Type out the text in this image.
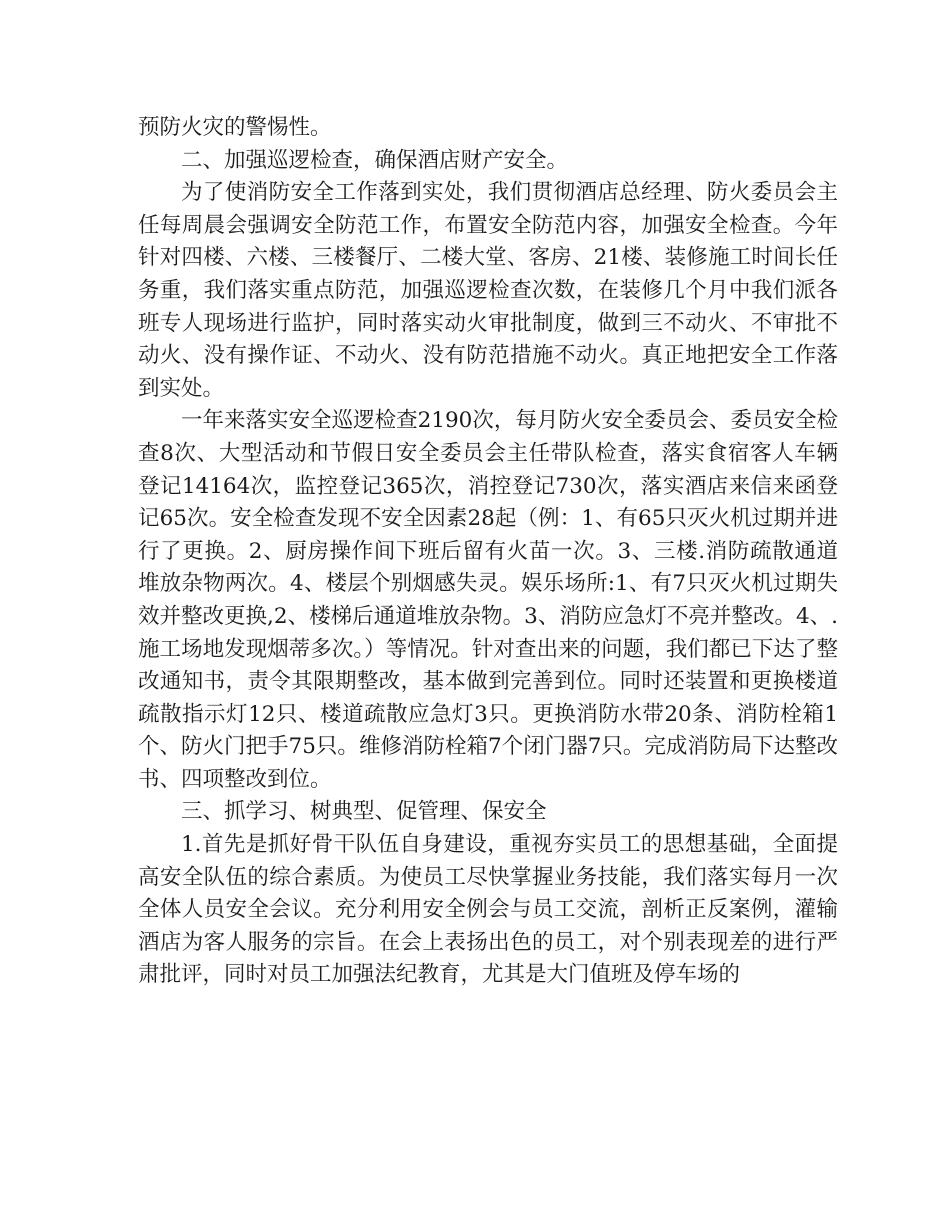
预防火灾的警惕性。

二、加强巡逻检查，确保酒店财产安全。

为了使消防安全工作落到实处，我们贯彻酒店总经理、防火委员会主任每周晨会强调安全防范工作，布置安全防范内容，加强安全检查。今年针对四楼、六楼、三楼餐厅、二楼大堂、客房、21楼、装修施工时间长任务重，我们落实重点防范，加强巡逻检查次数，在装修几个月中我们派各班专人现场进行监护，同时落实动火审批制度，做到三不动火、不审批不动火、没有操作证、不动火、没有防范措施不动火。真正地把安全工作落到实处。

一年来落实安全巡逻检查2190次，每月防火安全委员会、委员安全检查8次、大型活动和节假日安全委员会主任带队检查，落实食宿客人车辆登记14164次，监控登记365次，消控登记730次，落实酒店来信来函登记65次。安全检查发现不安全因素28起（例：1、有65只灭火机过期并进行了更换。2、厨房操作间下班后留有火苗一次。3、三楼.消防疏散通道堆放杂物两次。4、楼层个别烟感失灵。娱乐场所:1、有7只灭火机过期失效并整改更换,2、楼梯后通道堆放杂物。3、消防应急灯不亮并整改。4、.施工场地发现烟蒂多次。）等情况。针对查出来的问题，我们都已下达了整改通知书，责令其限期整改，基本做到完善到位。同时还装置和更换楼道疏散指示灯12只、楼道疏散应急灯3只。更换消防水带20条、消防栓箱1个、防火门把手75只。维修消防栓箱7个闭门器7只。完成消防局下达整改书、四项整改到位。

三、抓学习、树典型、促管理、保安全

1.首先是抓好骨干队伍自身建设，重视夯实员工的思想基础，全面提高安全队伍的综合素质。为使员工尽快掌握业务技能，我们落实每月一次全体人员安全会议。充分利用安全例会与员工交流，剖析正反案例，灌输酒店为客人服务的宗旨。在会上表扬出色的员工，对个别表现差的进行严肃批评，同时对员工加强法纪教育，尤其是大门值班及停车场的
